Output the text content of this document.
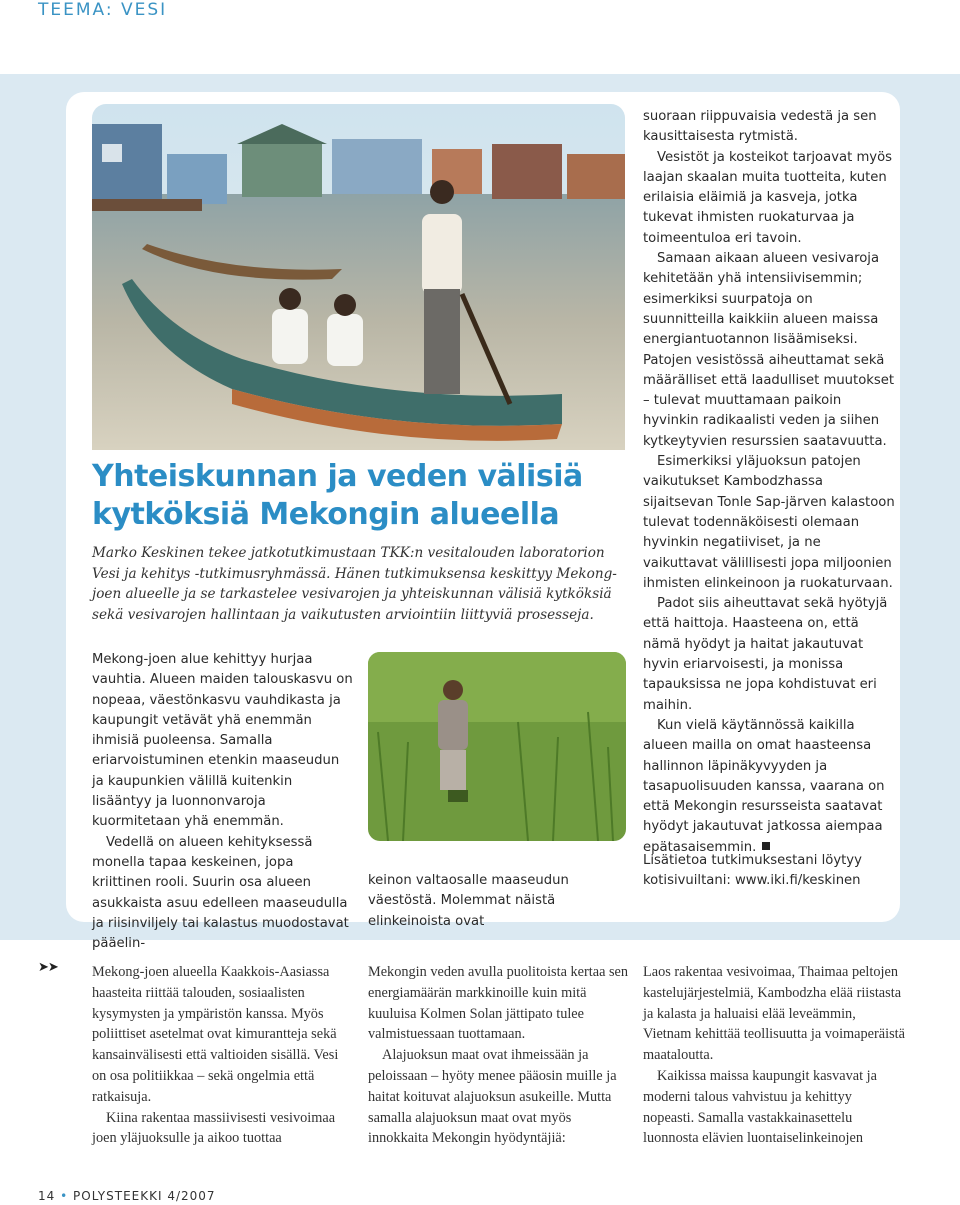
TEEMA: VESI
Yhteiskunnan ja veden välisiä
kytköksiä Mekongin alueella
Marko Keskinen tekee jatkotutkimustaan TKK:n vesitalouden laboratorion Vesi ja kehitys -tutkimusryhmässä. Hänen tutkimuksensa keskittyy Mekong-joen alueelle ja se tarkastelee vesivarojen ja yhteiskunnan välisiä kytköksiä sekä vesivarojen hallintaan ja vaikutusten arviointiin liittyviä prosesseja.

Mekong-joen alue kehittyy hurjaa vauhtia. Alueen maiden talouskasvu on nopeaa, väestönkasvu vauhdikasta ja kaupungit vetävät yhä enemmän ihmisiä puoleensa. Samalla eriarvoistuminen etenkin maaseudun ja kaupunkien välillä kuitenkin lisääntyy ja luonnonvaroja kuormitetaan yhä enemmän.

Vedellä on alueen kehityksessä monella tapaa keskeinen, jopa kriittinen rooli. Suurin osa alueen asukkaista asuu edelleen maaseudulla ja riisinviljely tai kalastus muodostavat pääelin-

keinon valtaosalle maaseudun väestöstä. Molemmat näistä elinkeinoista ovat

suoraan riippuvaisia vedestä ja sen kausittaisesta rytmistä.

Vesistöt ja kosteikot tarjoavat myös laajan skaalan muita tuotteita, kuten erilaisia eläimiä ja kasveja, jotka tukevat ihmisten ruokaturvaa ja toimeentuloa eri tavoin.

Samaan aikaan alueen vesivaroja kehitetään yhä intensiivisemmin; esimerkiksi suurpatoja on suunnitteilla kaikkiin alueen maissa energiantuotannon lisäämiseksi. Patojen vesistössä aiheuttamat sekä määrälliset että laadulliset muutokset – tulevat muuttamaan paikoin hyvinkin radikaalisti veden ja siihen kytkeytyvien resurssien saatavuutta.

Esimerkiksi yläjuoksun patojen vaikutukset Kambodzhassa sijaitsevan Tonle Sap-järven kalastoon tulevat todennäköisesti olemaan hyvinkin negatiiviset, ja ne vaikuttavat välillisesti jopa miljoonien ihmisten elinkeinoon ja ruokaturvaan.

Padot siis aiheuttavat sekä hyötyjä että haittoja. Haasteena on, että nämä hyödyt ja haitat jakautuvat hyvin eriarvoisesti, ja monissa tapauksissa ne jopa kohdistuvat eri maihin.

Kun vielä käytännössä kaikilla alueen mailla on omat haasteensa hallinnon läpinäkyvyyden ja tasapuolisuuden kanssa, vaarana on että Mekongin resursseista saatavat hyödyt jakautuvat jatkossa aiempaa epätasaisemmin.

Lisätietoa tutkimuksestani löytyy kotisivuiltani: www.iki.fi/keskinen

➤➤ Mekong-joen alueella Kaakkois-Aasiassa haasteita riittää talouden, sosiaalisten kysymysten ja ympäristön kanssa. Myös poliittiset asetelmat ovat kimuranttejа sekä kansainvälisesti että valtioiden sisällä. Vesi on osa politiikkaa – sekä ongelmia että ratkaisuja.

Kiina rakentaa massiivisesti vesivoimaa joen yläjuoksulle ja aikoo tuottaa

Mekongin veden avulla puolitoista kertaa sen energiamäärän markkinoille kuin mitä kuuluisa Kolmen Solan jättipato tulee valmistuessaan tuottamaan.

Alajuoksun maat ovat ihmeissään ja peloissaan – hyöty menee pääosin muille ja haitat koituvat alajuoksun asukeille. Mutta samalla alajuoksun maat ovat myös innokkaita Mekongin hyödyntäjiä:

Laos rakentaa vesivoimaa, Thaimaa peltojen kastelujärjestelmiä, Kambodzha elää riistasta ja kalasta ja haluaisi elää leveämmin, Vietnam kehittää teollisuutta ja voimaperäistä maataloutta.

Kaikissa maissa kaupungit kasvavat ja moderni talous vahvistuu ja kehittyy nopeasti. Samalla vastakkainasettelu luonnosta elävien luontaiselinkeinojen

14 • POLYSTEEKKI 4/2007
